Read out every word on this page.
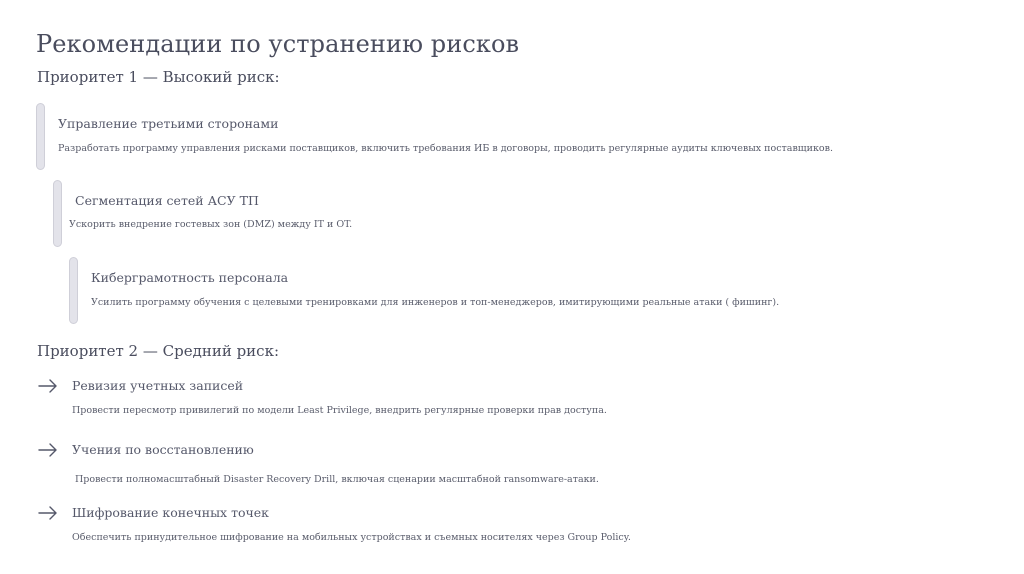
Рекомендации по устранению рисков
Приоритет 1 — Высокий риск:
Управление третьими сторонами
Разработать программу управления рисками поставщиков, включить требования ИБ в договоры, проводить регулярные аудиты ключевых поставщиков.
Сегментация сетей АСУ ТП
Ускорить внедрение гостевых зон (DMZ) между IT и OT.
Киберграмотность персонала
Усилить программу обучения с целевыми тренировками для инженеров и топ-менеджеров, имитирующими реальные атаки ( фишинг).
Приоритет 2 — Средний риск:
Ревизия учетных записей
Провести пересмотр привилегий по модели Least Privilege, внедрить регулярные проверки прав доступа.
Учения по восстановлению
Провести полномасштабный Disaster Recovery Drill, включая сценарии масштабной ransomware-атаки.
Шифрование конечных точек
Обеспечить принудительное шифрование на мобильных устройствах и съемных носителях через Group Policy.
